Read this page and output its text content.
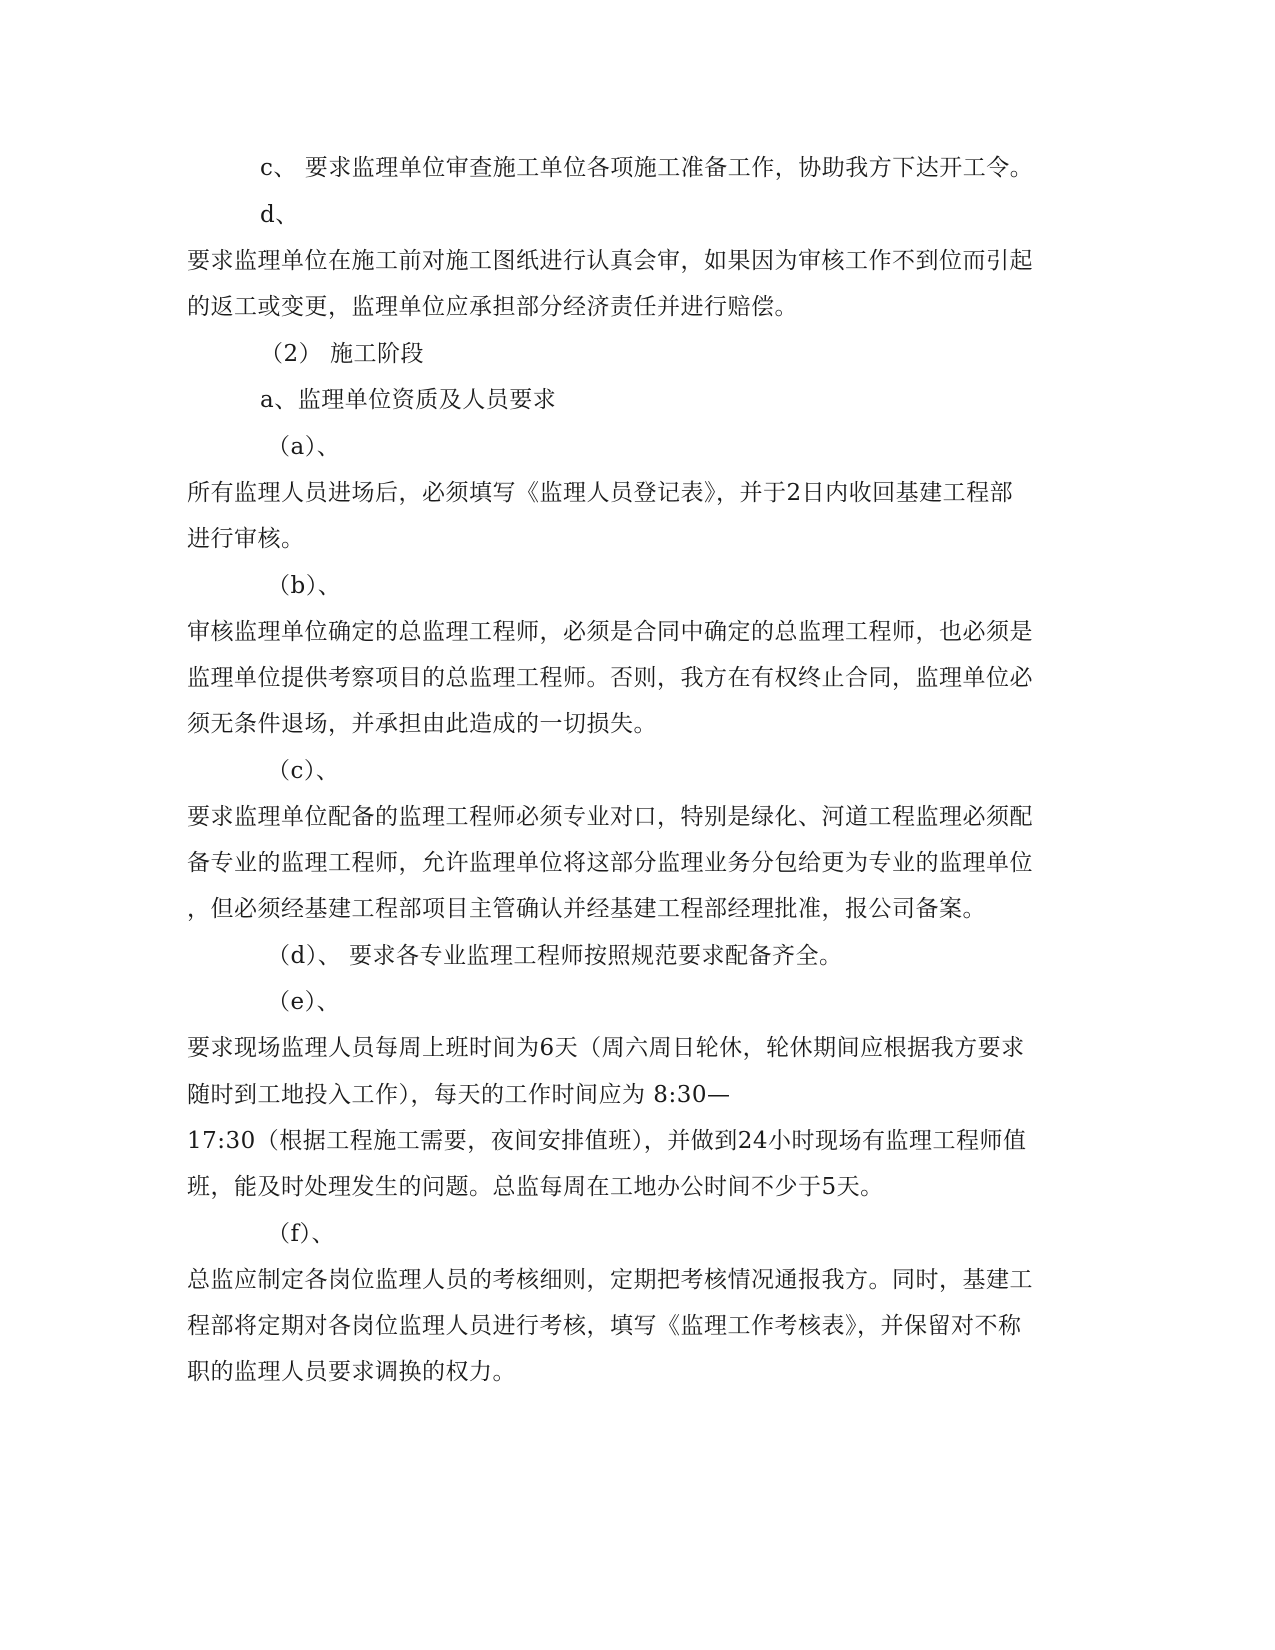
c、 要求监理单位审查施工单位各项施工准备工作，协助我方下达开工令。
d、
要求监理单位在施工前对施工图纸进行认真会审，如果因为审核工作不到位而引起
的返工或变更，监理单位应承担部分经济责任并进行赔偿。
（2） 施工阶段
a、监理单位资质及人员要求
（a）、
所有监理人员进场后，必须填写《监理人员登记表》，并于2日内收回基建工程部
进行审核。
（b）、
审核监理单位确定的总监理工程师，必须是合同中确定的总监理工程师，也必须是
监理单位提供考察项目的总监理工程师。否则，我方在有权终止合同，监理单位必
须无条件退场，并承担由此造成的一切损失。
（c）、
要求监理单位配备的监理工程师必须专业对口，特别是绿化、河道工程监理必须配
备专业的监理工程师，允许监理单位将这部分监理业务分包给更为专业的监理单位
，但必须经基建工程部项目主管确认并经基建工程部经理批准，报公司备案。
（d）、 要求各专业监理工程师按照规范要求配备齐全。
（e）、
要求现场监理人员每周上班时间为6天（周六周日轮休，轮休期间应根据我方要求
随时到工地投入工作），每天的工作时间应为 8:30—
17:30（根据工程施工需要，夜间安排值班），并做到24小时现场有监理工程师值
班，能及时处理发生的问题。总监每周在工地办公时间不少于5天。
（f）、
总监应制定各岗位监理人员的考核细则，定期把考核情况通报我方。同时，基建工
程部将定期对各岗位监理人员进行考核，填写《监理工作考核表》，并保留对不称
职的监理人员要求调换的权力。
